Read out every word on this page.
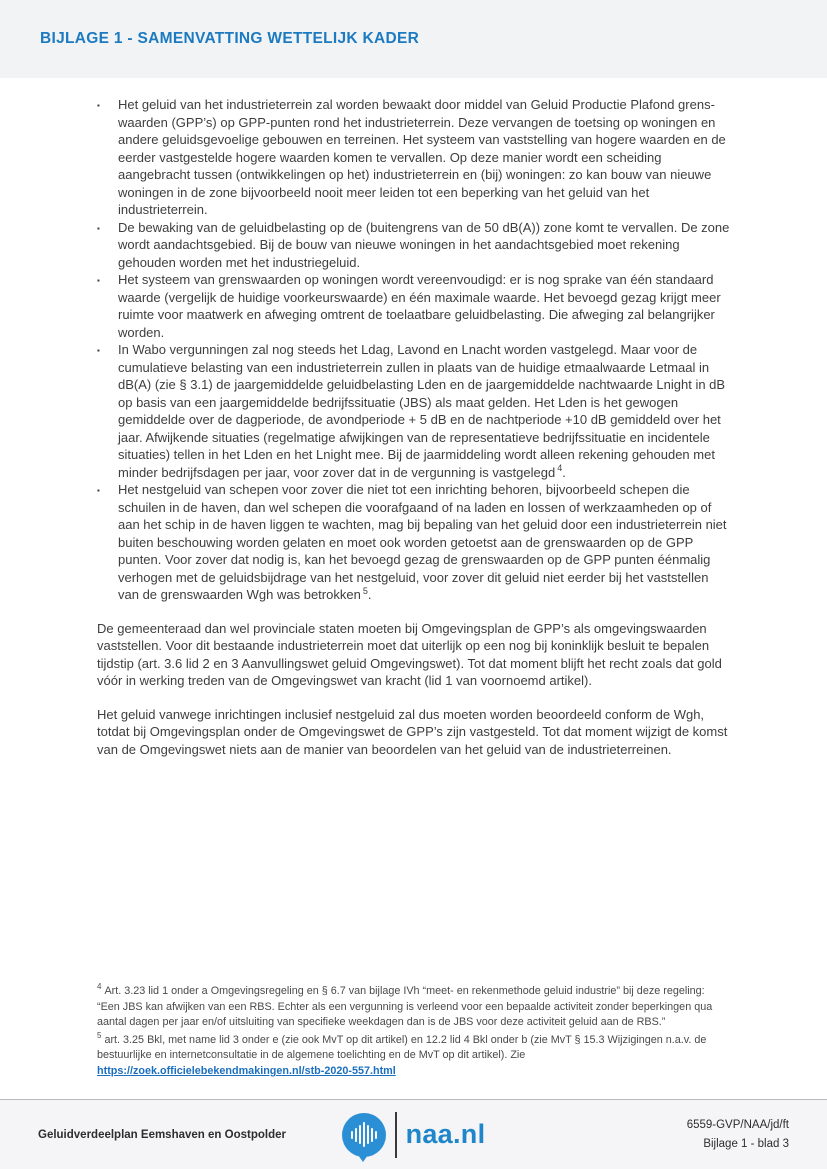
BIJLAGE 1 - SAMENVATTING WETTELIJK KADER
▪	Het geluid van het industrieterrein zal worden bewaakt door middel van Geluid Productie Plafond grenswaarden (GPP’s) op GPP-punten rond het industrieterrein. Deze vervangen de toetsing op woningen en andere geluidsgevoelige gebouwen en terreinen. Het systeem van vaststelling van hogere waarden en de eerder vastgestelde hogere waarden komen te vervallen. Op deze manier wordt een scheiding aangebracht tussen (ontwikkelingen op het) industrieterrein en (bij) woningen: zo kan bouw van nieuwe woningen in de zone bijvoorbeeld nooit meer leiden tot een beperking van het geluid van het industrieterrein.
▪	De bewaking van de geluidbelasting op de (buitengrens van de 50 dB(A)) zone komt te vervallen. De zone wordt aandachtsgebied. Bij de bouw van nieuwe woningen in het aandachtsgebied moet rekening gehouden worden met het industriegeluid.
▪	Het systeem van grenswaarden op woningen wordt vereenvoudigd: er is nog sprake van één standaard waarde (vergelijk de huidige voorkeurswaarde) en één maximale waarde. Het bevoegd gezag krijgt meer ruimte voor maatwerk en afweging omtrent de toelaatbare geluidbelasting. Die afweging zal belangrijker worden.
▪	In Wabo vergunningen zal nog steeds het Ldag, Lavond en Lnacht worden vastgelegd. Maar voor de cumulatieve belasting van een industrieterrein zullen in plaats van de huidige etmaalwaarde Letmaal in dB(A) (zie § 3.1) de jaargemiddelde geluidbelasting Lden en de jaargemiddelde nachtwaarde Lnight in dB op basis van een jaargemiddelde bedrijfssituatie (JBS) als maat gelden. Het Lden is het gewogen gemiddelde over de dagperiode, de avondperiode + 5 dB en de nachtperiode +10 dB gemiddeld over het jaar. Afwijkende situaties (regelmatige afwijkingen van de representatieve bedrijfssituatie en incidentele situaties) tellen in het Lden en het Lnight mee. Bij de jaarmiddeling wordt alleen rekening gehouden met minder bedrijfsdagen per jaar, voor zover dat in de vergunning is vastgelegd $^4$.
▪	Het nestgeluid van schepen voor zover die niet tot een inrichting behoren, bijvoorbeeld schepen die schuilen in de haven, dan wel schepen die voorafgaand of na laden en lossen of werkzaamheden op of aan het schip in de haven liggen te wachten, mag bij bepaling van het geluid door een industrieterrein niet buiten beschouwing worden gelaten en moet ook worden getoetst aan de grenswaarden op de GPP punten. Voor zover dat nodig is, kan het bevoegd gezag de grenswaarden op de GPP punten éénmalig verhogen met de geluidsbijdrage van het nestgeluid, voor zover dit geluid niet eerder bij het vaststellen van de grenswaarden Wgh was betrokken $^5$.

De gemeenteraad dan wel provinciale staten moeten bij Omgevingsplan de GPP’s als omgevingswaarden vaststellen. Voor dit bestaande industrieterrein moet dat uiterlijk op een nog bij koninklijk besluit te bepalen tijdstip (art. 3.6 lid 2 en 3 Aanvullingswet geluid Omgevingswet). Tot dat moment blijft het recht zoals dat gold vóór in werking treden van de Omgevingswet van kracht (lid 1 van voornoemd artikel).

Het geluid vanwege inrichtingen inclusief nestgeluid zal dus moeten worden beoordeeld conform de Wgh, totdat bij Omgevingsplan onder de Omgevingswet de GPP’s zijn vastgesteld. Tot dat moment wijzigt de komst van de Omgevingswet niets aan de manier van beoordelen van het geluid van de industrieterreinen.

$^4$ Art. 3.23 lid 1 onder a Omgevingsregeling en § 6.7 van bijlage IVh “meet- en rekenmethode geluid industrie” bij deze regeling: “Een JBS kan afwijken van een RBS. Echter als een vergunning is verleend voor een bepaalde activiteit zonder beperkingen qua aantal dagen per jaar en/of uitsluiting van specifieke weekdagen dan is de JBS voor deze activiteit geluid aan de RBS.”

$^5$ art. 3.25 Bkl, met name lid 3 onder e (zie ook MvT op dit artikel) en 12.2 lid 4 Bkl onder b (zie MvT § 15.3 Wijzigingen n.a.v. de bestuurlijke en internetconsultatie in de algemene toelichting en de MvT op dit artikel). Zie https://zoek.officielebekendmakingen.nl/stb-2020-557.html

Geluidverdeelplan Eemshaven en Oostpolder	naa.nl	6559-GVP/NAA/jd/ft
Bijlage 1 - blad 3
